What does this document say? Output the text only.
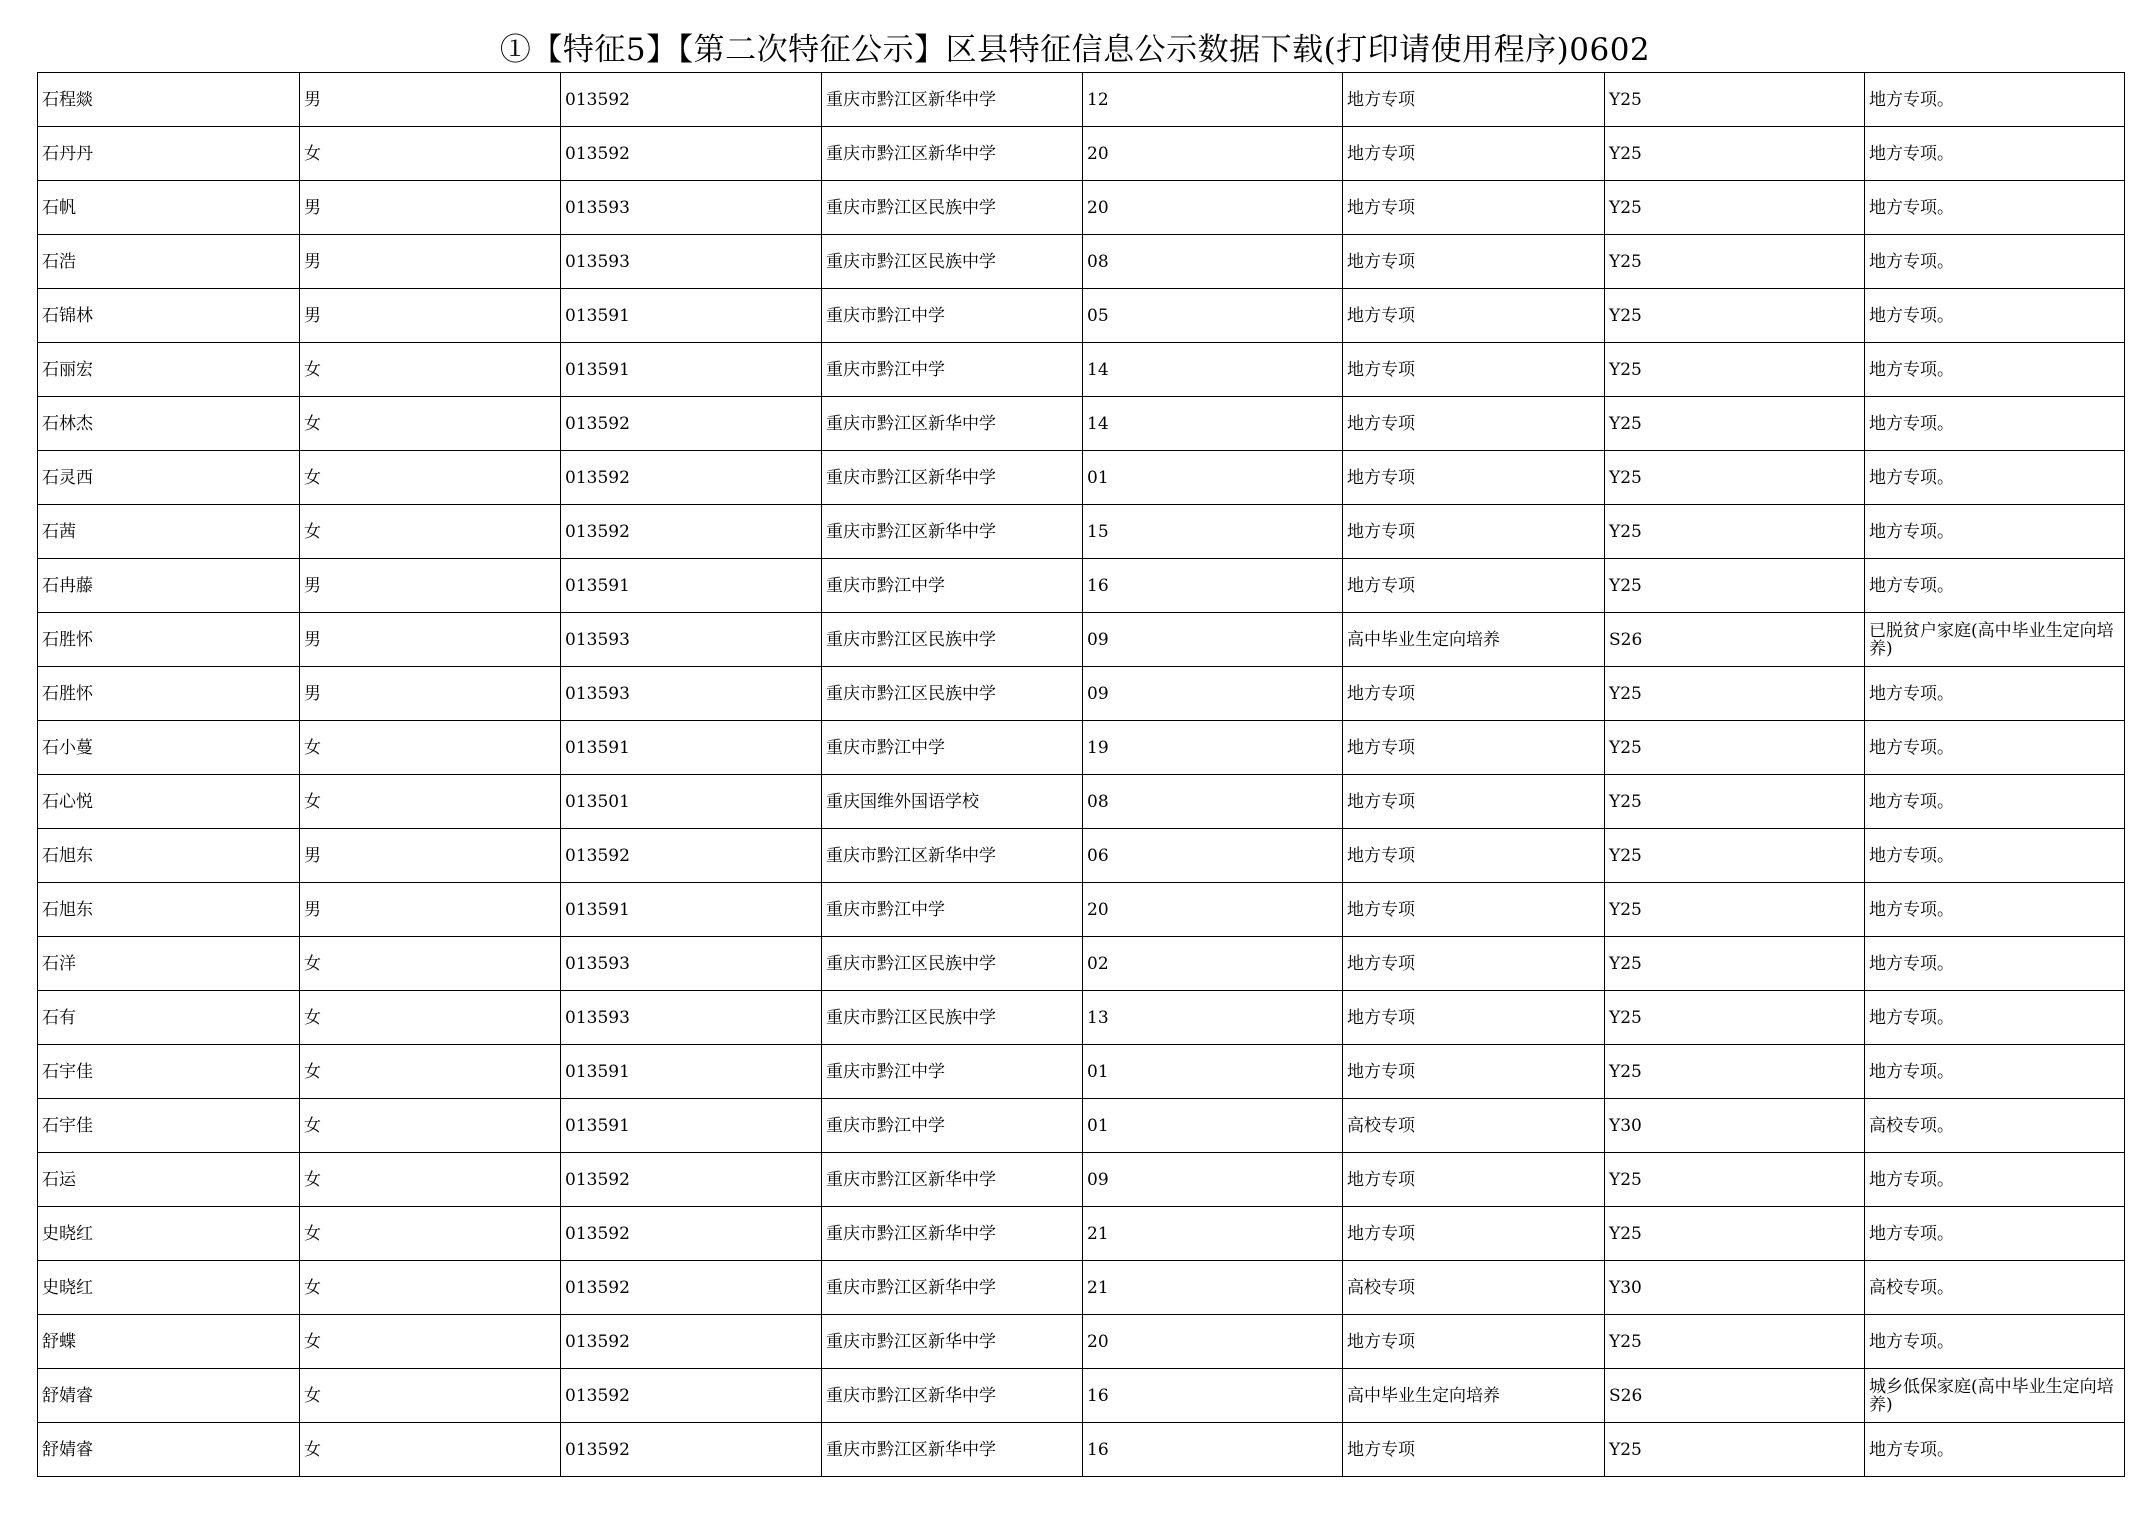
①【特征5】【第二次特征公示】区县特征信息公示数据下载(打印请使用程序)0602
石程燚	男	013592	重庆市黔江区新华中学	12	地方专项	Y25	地方专项。
石丹丹	女	013592	重庆市黔江区新华中学	20	地方专项	Y25	地方专项。
石帆	男	013593	重庆市黔江区民族中学	20	地方专项	Y25	地方专项。
石浩	男	013593	重庆市黔江区民族中学	08	地方专项	Y25	地方专项。
石锦林	男	013591	重庆市黔江中学	05	地方专项	Y25	地方专项。
石丽宏	女	013591	重庆市黔江中学	14	地方专项	Y25	地方专项。
石林杰	女	013592	重庆市黔江区新华中学	14	地方专项	Y25	地方专项。
石灵西	女	013592	重庆市黔江区新华中学	01	地方专项	Y25	地方专项。
石茜	女	013592	重庆市黔江区新华中学	15	地方专项	Y25	地方专项。
石冉藤	男	013591	重庆市黔江中学	16	地方专项	Y25	地方专项。
石胜怀	男	013593	重庆市黔江区民族中学	09	高中毕业生定向培养	S26	已脱贫户家庭(高中毕业生定向培养)
石胜怀	男	013593	重庆市黔江区民族中学	09	地方专项	Y25	地方专项。
石小蔓	女	013591	重庆市黔江中学	19	地方专项	Y25	地方专项。
石心悦	女	013501	重庆国维外国语学校	08	地方专项	Y25	地方专项。
石旭东	男	013592	重庆市黔江区新华中学	06	地方专项	Y25	地方专项。
石旭东	男	013591	重庆市黔江中学	20	地方专项	Y25	地方专项。
石洋	女	013593	重庆市黔江区民族中学	02	地方专项	Y25	地方专项。
石有	女	013593	重庆市黔江区民族中学	13	地方专项	Y25	地方专项。
石宇佳	女	013591	重庆市黔江中学	01	地方专项	Y25	地方专项。
石宇佳	女	013591	重庆市黔江中学	01	高校专项	Y30	高校专项。
石运	女	013592	重庆市黔江区新华中学	09	地方专项	Y25	地方专项。
史晓红	女	013592	重庆市黔江区新华中学	21	地方专项	Y25	地方专项。
史晓红	女	013592	重庆市黔江区新华中学	21	高校专项	Y30	高校专项。
舒蝶	女	013592	重庆市黔江区新华中学	20	地方专项	Y25	地方专项。
舒婧睿	女	013592	重庆市黔江区新华中学	16	高中毕业生定向培养	S26	城乡低保家庭(高中毕业生定向培养)
舒婧睿	女	013592	重庆市黔江区新华中学	16	地方专项	Y25	地方专项。
